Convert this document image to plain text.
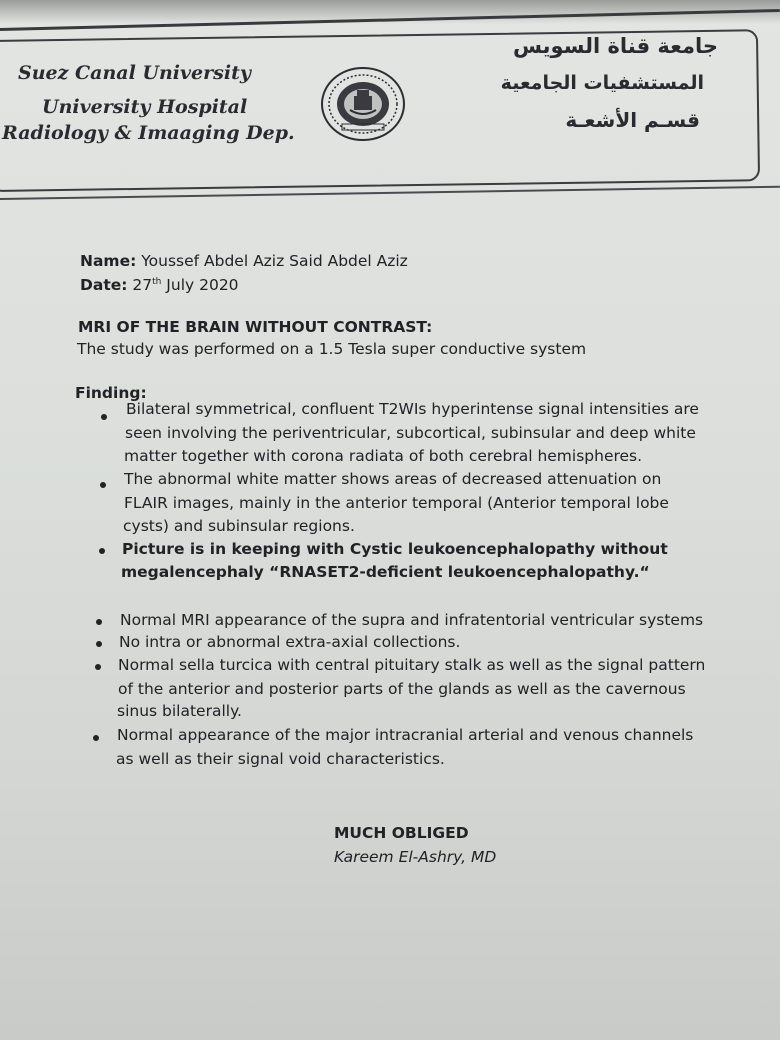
Suez Canal University
University Hospital
Radiology & Imaaging Dep.
جامعة قناة السويس
المستشفيات الجامعية
قسـم الأشعـة
Name: Youssef Abdel Aziz Said Abdel Aziz
Date: 27th July 2020
MRI OF THE BRAIN WITHOUT CONTRAST:
The study was performed on a 1.5 Tesla super conductive system
Finding:
Bilateral symmetrical, confluent T2WIs hyperintense signal intensities are
seen involving the periventricular, subcortical, subinsular and deep white
matter together with corona radiata of both cerebral hemispheres.
The abnormal white matter shows areas of decreased attenuation on
FLAIR images, mainly in the anterior temporal (Anterior temporal lobe
cysts) and subinsular regions.
Picture is in keeping with Cystic leukoencephalopathy without
megalencephaly “RNASET2-deficient leukoencephalopathy.“
Normal MRI appearance of the supra and infratentorial ventricular systems
No intra or abnormal extra-axial collections.
Normal sella turcica with central pituitary stalk as well as the signal pattern
of the anterior and posterior parts of the glands as well as the cavernous
sinus bilaterally.
Normal appearance of the major intracranial arterial and venous channels
as well as their signal void characteristics.
MUCH OBLIGED
Kareem El-Ashry, MD
